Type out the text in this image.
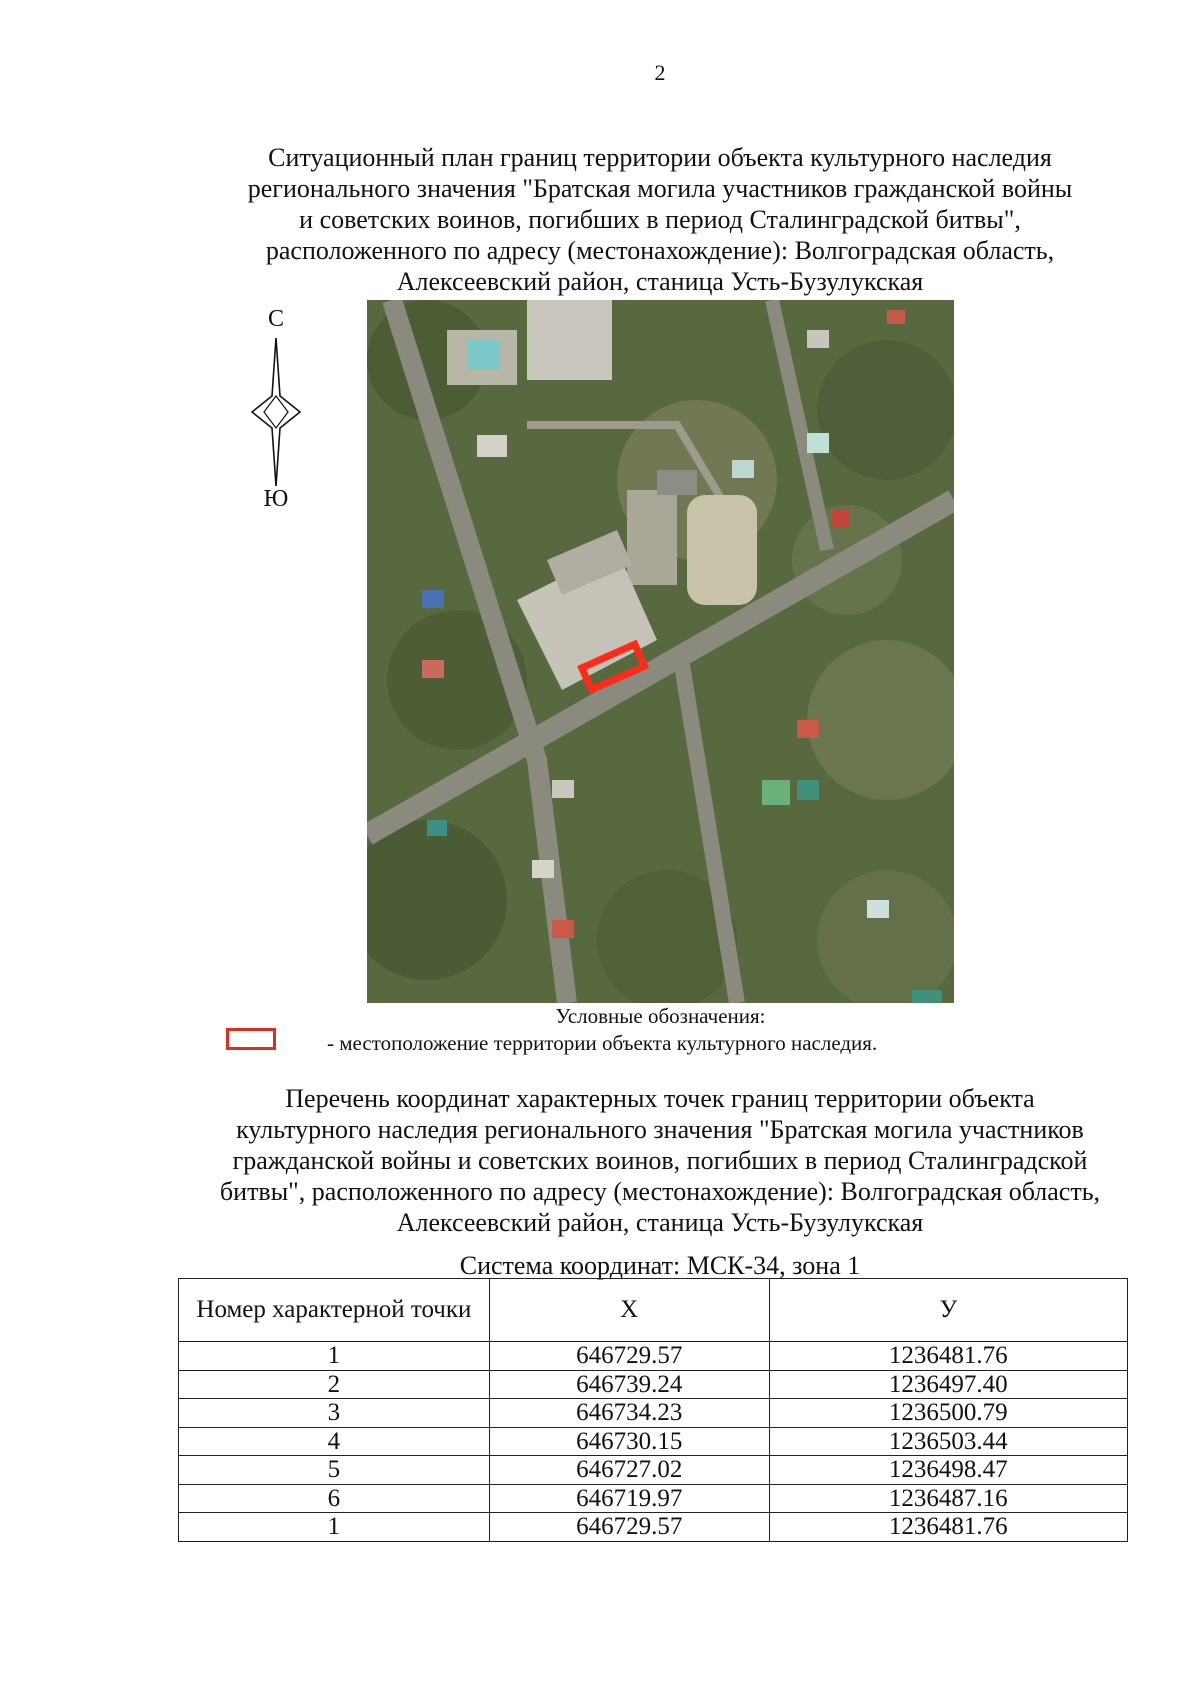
2
Ситуационный план границ территории объекта культурного наследия
регионального значения "Братская могила участников гражданской войны
и советских воинов, погибших в период Сталинградской битвы",
расположенного по адресу (местонахождение): Волгоградская область,
Алексеевский район, станица Усть-Бузулукская
С
Ю
Условные обозначения:
- местоположение территории объекта культурного наследия.
Перечень координат характерных точек границ территории объекта
культурного наследия регионального значения "Братская могила участников
гражданской войны и советских воинов, погибших в период Сталинградской
битвы", расположенного по адресу (местонахождение): Волгоградская область,
Алексеевский район, станица Усть-Бузулукская
Система координат: МСК-34, зона 1
Номер характерной точки	X	У
1	646729.57	1236481.76
2	646739.24	1236497.40
3	646734.23	1236500.79
4	646730.15	1236503.44
5	646727.02	1236498.47
6	646719.97	1236487.16
1	646729.57	1236481.76
